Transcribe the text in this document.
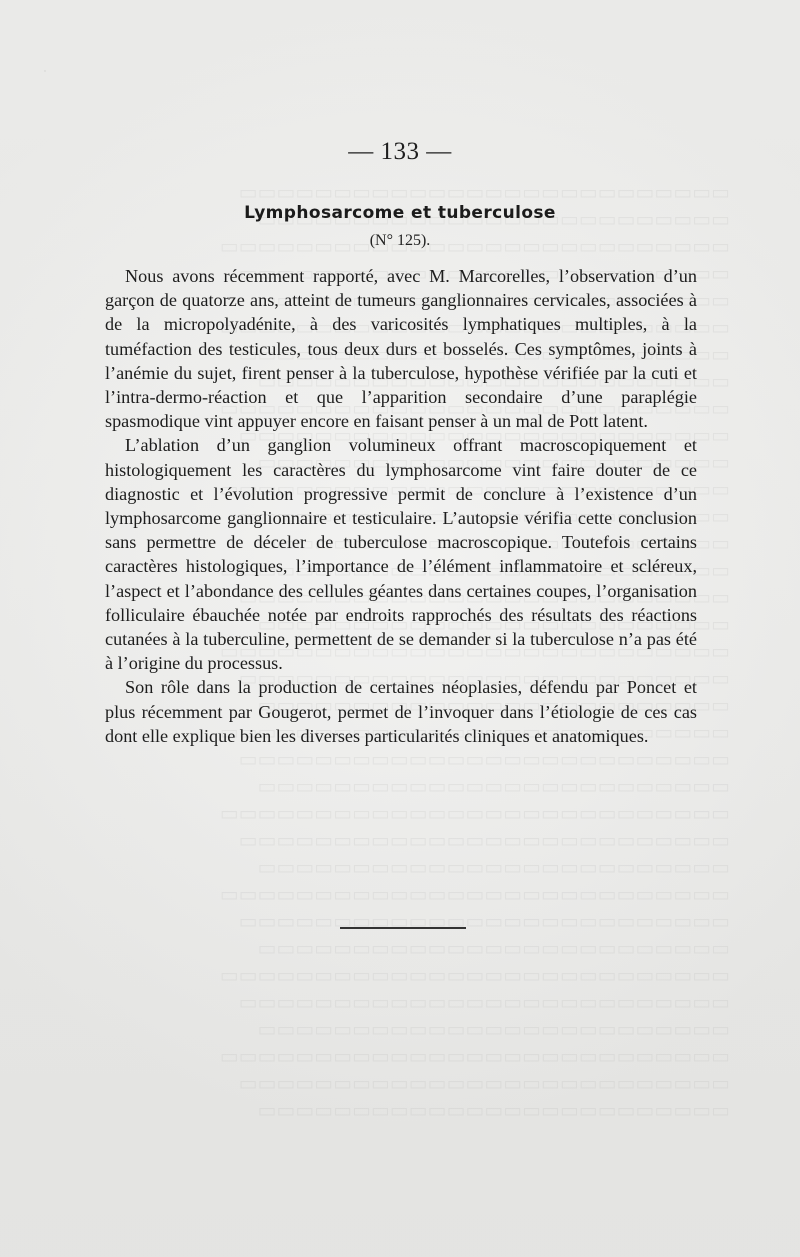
·
— 133 —
Lymphosarcome et tuberculose
(N° 125).

Nous avons récemment rapporté, avec M. Marcorelles, l’observation d’un garçon de quatorze ans, atteint de tumeurs ganglionnaires cervicales, associées à de la micropolyadénite, à des varicosités lymphatiques multiples, à la tuméfaction des testicules, tous deux durs et bosselés. Ces symptômes, joints à l’anémie du sujet, firent penser à la tuberculose, hypothèse vérifiée par la cuti et l’intra-dermo-réaction et que l’apparition secondaire d’une paraplégie spasmodique vint appuyer encore en faisant penser à un mal de Pott latent.

L’ablation d’un ganglion volumineux offrant macroscopiquement et histologiquement les caractères du lymphosarcome vint faire douter de ce diagnostic et l’évolution progressive permit de conclure à l’existence d’un lymphosarcome ganglionnaire et testiculaire. L’autopsie vérifia cette conclusion sans permettre de déceler de tuberculose macroscopique. Toutefois certains caractères histologiques, l’importance de l’élément inflammatoire et scléreux, l’aspect et l’abondance des cellules géantes dans certaines coupes, l’organisation folliculaire ébauchée notée par endroits rapprochés des résultats des réactions cutanées à la tuberculine, permettent de se demander si la tuberculose n’a pas été à l’origine du processus.

Son rôle dans la production de certaines néoplasies, défendu par Poncet et plus récemment par Gougerot, permet de l’invoquer dans l’étiologie de ces cas dont elle explique bien les diverses particularités cliniques et anatomiques.
